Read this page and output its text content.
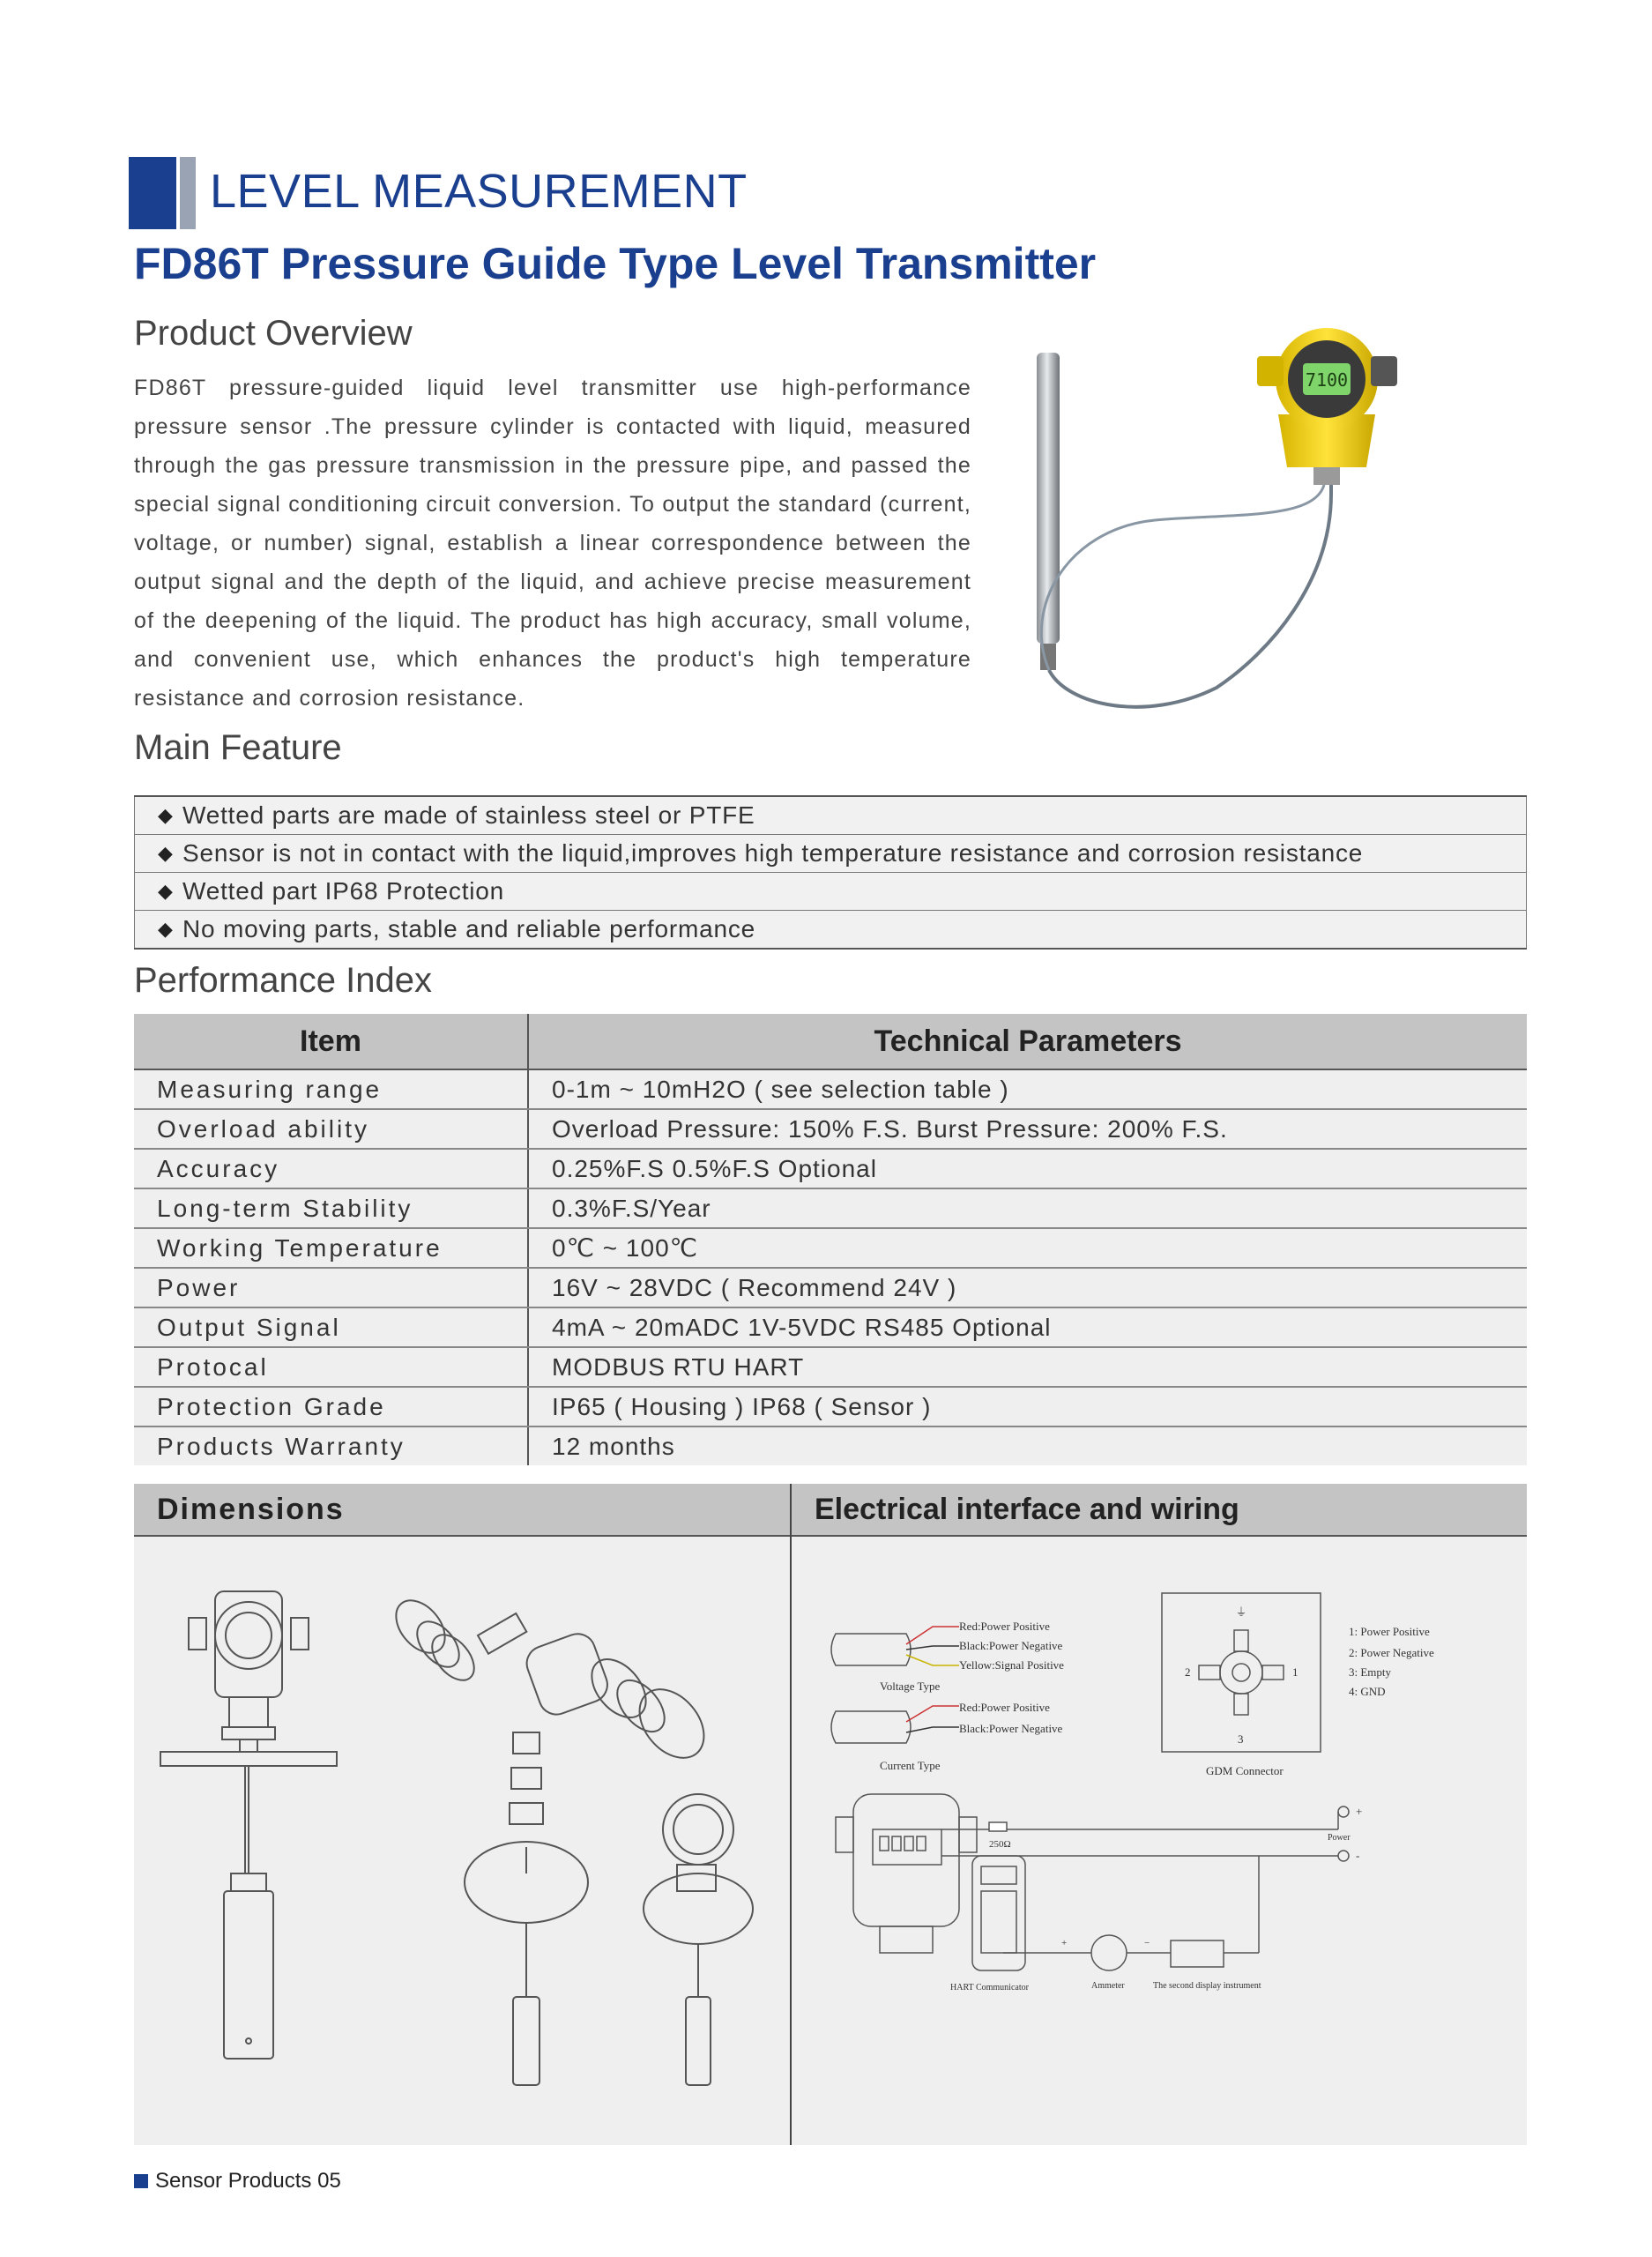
LEVEL MEASUREMENT
FD86T Pressure Guide Type Level Transmitter
Product Overview
FD86T pressure-guided liquid level transmitter use high-performance pressure sensor .The pressure cylinder is contacted with liquid, measured through the gas pressure transmission in the pressure pipe, and passed the special signal conditioning circuit conversion. To output the standard (current, voltage, or number) signal, establish a linear correspondence between the output signal and the depth of the liquid, and achieve precise measurement of the deepening of the liquid. The product has high accuracy, small volume, and convenient use, which enhances the product's high temperature resistance and corrosion resistance.
7100
Main Feature
◆ Wetted parts are made of stainless steel or PTFE
◆ Sensor is not in contact with the liquid,improves high temperature resistance and corrosion resistance
◆ Wetted part IP68 Protection
◆ No moving parts, stable and reliable performance
Performance Index
Item	Technical Parameters
Measuring range	0-1m ~ 10mH2O ( see selection table )
Overload ability	Overload Pressure: 150% F.S. Burst Pressure: 200% F.S.
Accuracy	0.25%F.S 0.5%F.S Optional
Long-term Stability	0.3%F.S/Year
Working Temperature	0℃ ~ 100℃
Power	16V ~ 28VDC ( Recommend 24V )
Output Signal	4mA ~ 20mADC 1V-5VDC RS485 Optional
Protocal	MODBUS RTU HART
Protection Grade	IP65 ( Housing ) IP68 ( Sensor )
Products Warranty	12 months
Dimensions	Electrical interface and wiring
Red:Power Positive
Black:Power Negative
Yellow:Signal Positive
Voltage Type
Red:Power Positive
Black:Power Negative
Current Type
⏚
2	1
3
GDM Connector
1: Power Positive
2: Power Negative
3: Empty
4: GND
250Ω
+
-
Power
HART Communicator
+	−
Ammeter	The second display instrument
Sensor Products 05
